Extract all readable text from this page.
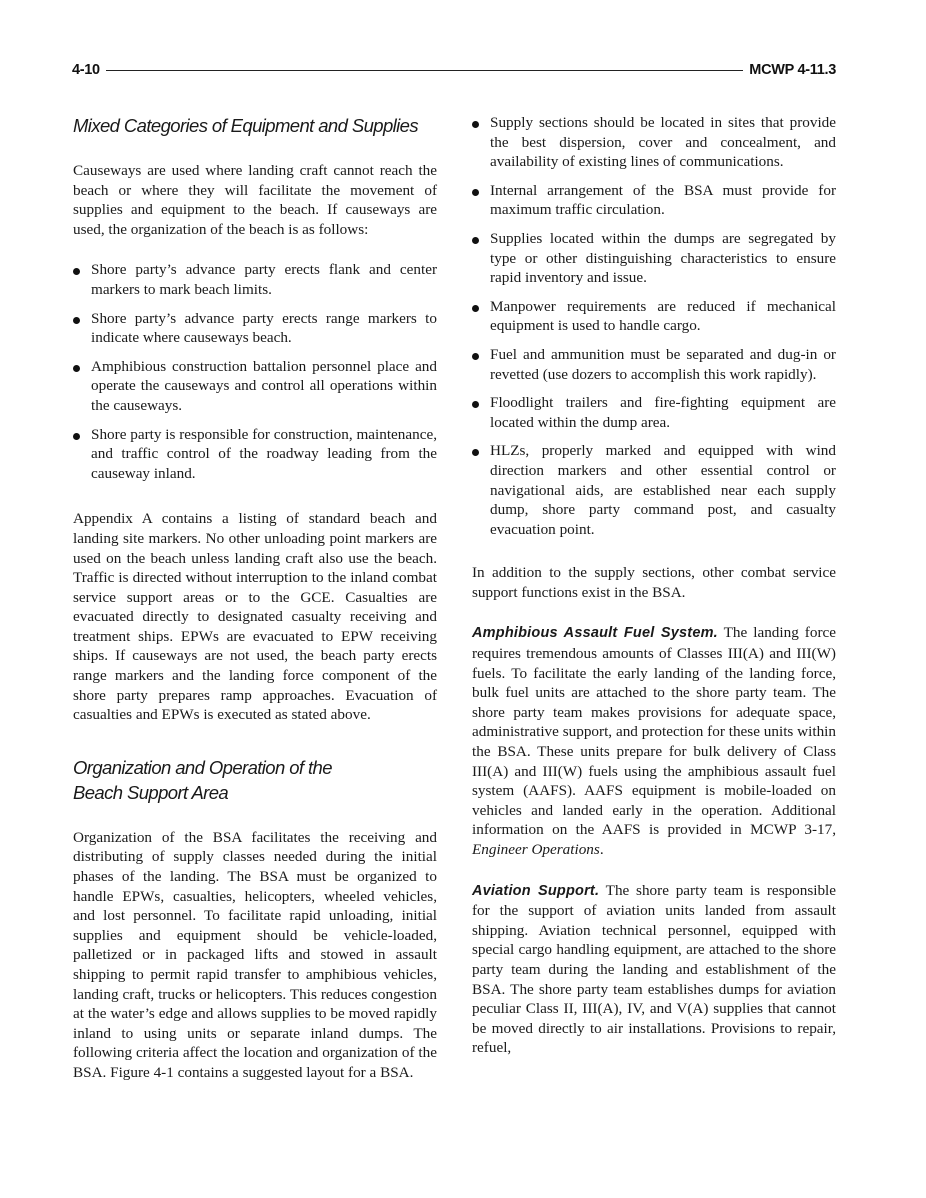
4-10	MCWP 4-11.3
Mixed Categories of Equipment and Supplies

Causeways are used where landing craft cannot reach the beach or where they will facilitate the movement of supplies and equipment to the beach. If causeways are used, the organization of the beach is as follows:

Shore party’s advance party erects flank and center markers to mark beach limits.
Shore party’s advance party erects range markers to indicate where causeways beach.
Amphibious construction battalion personnel place and operate the causeways and control all operations within the causeways.
Shore party is responsible for construction, maintenance, and traffic control of the roadway leading from the causeway inland.

Appendix A contains a listing of standard beach and landing site markers. No other unloading point markers are used on the beach unless landing craft also use the beach. Traffic is directed without interruption to the inland combat service support areas or to the GCE. Casualties are evacuated directly to designated casualty receiving and treatment ships. EPWs are evacuated to EPW receiving ships. If causeways are not used, the beach party erects range markers and the landing force component of the shore party prepares ramp approaches. Evacuation of casualties and EPWs is executed as stated above.

Organization and Operation of the
Beach Support Area

Organization of the BSA facilitates the receiving and distributing of supply classes needed during the initial phases of the landing. The BSA must be organized to handle EPWs, casualties, helicopters, wheeled vehicles, and lost personnel. To facilitate rapid unloading, initial supplies and equipment should be vehicle-loaded, palletized or in packaged lifts and stowed in assault shipping to permit rapid transfer to amphibious vehicles, landing craft, trucks or helicopters. This reduces congestion at the water’s edge and allows supplies to be moved rapidly inland to using units or separate inland dumps. The following criteria affect the location and organization of the BSA. Figure 4-1 contains a suggested layout for a BSA.

Supply sections should be located in sites that provide the best dispersion, cover and concealment, and availability of existing lines of communications.
Internal arrangement of the BSA must provide for maximum traffic circulation.
Supplies located within the dumps are segregated by type or other distinguishing characteristics to ensure rapid inventory and issue.
Manpower requirements are reduced if mechanical equipment is used to handle cargo.
Fuel and ammunition must be separated and dug-in or revetted (use dozers to accomplish this work rapidly).
Floodlight trailers and fire-fighting equipment are located within the dump area.
HLZs, properly marked and equipped with wind direction markers and other essential control or navigational aids, are established near each supply dump, shore party command post, and casualty evacuation point.

In addition to the supply sections, other combat service support functions exist in the BSA.

Amphibious Assault Fuel System. The landing force requires tremendous amounts of Classes III(A) and III(W) fuels. To facilitate the early landing of the landing force, bulk fuel units are attached to the shore party team. The shore party team makes provisions for adequate space, administrative support, and protection for these units within the BSA. These units prepare for bulk delivery of Class III(A) and III(W) fuels using the amphibious assault fuel system (AAFS). AAFS equipment is mobile-loaded on vehicles and landed early in the operation. Additional information on the AAFS is provided in MCWP 3-17, Engineer Operations.

Aviation Support. The shore party team is responsible for the support of aviation units landed from assault shipping. Aviation technical personnel, equipped with special cargo handling equipment, are attached to the shore party team during the landing and establishment of the BSA. The shore party team establishes dumps for aviation peculiar Class II, III(A), IV, and V(A) supplies that cannot be moved directly to air installations. Provisions to repair, refuel,
